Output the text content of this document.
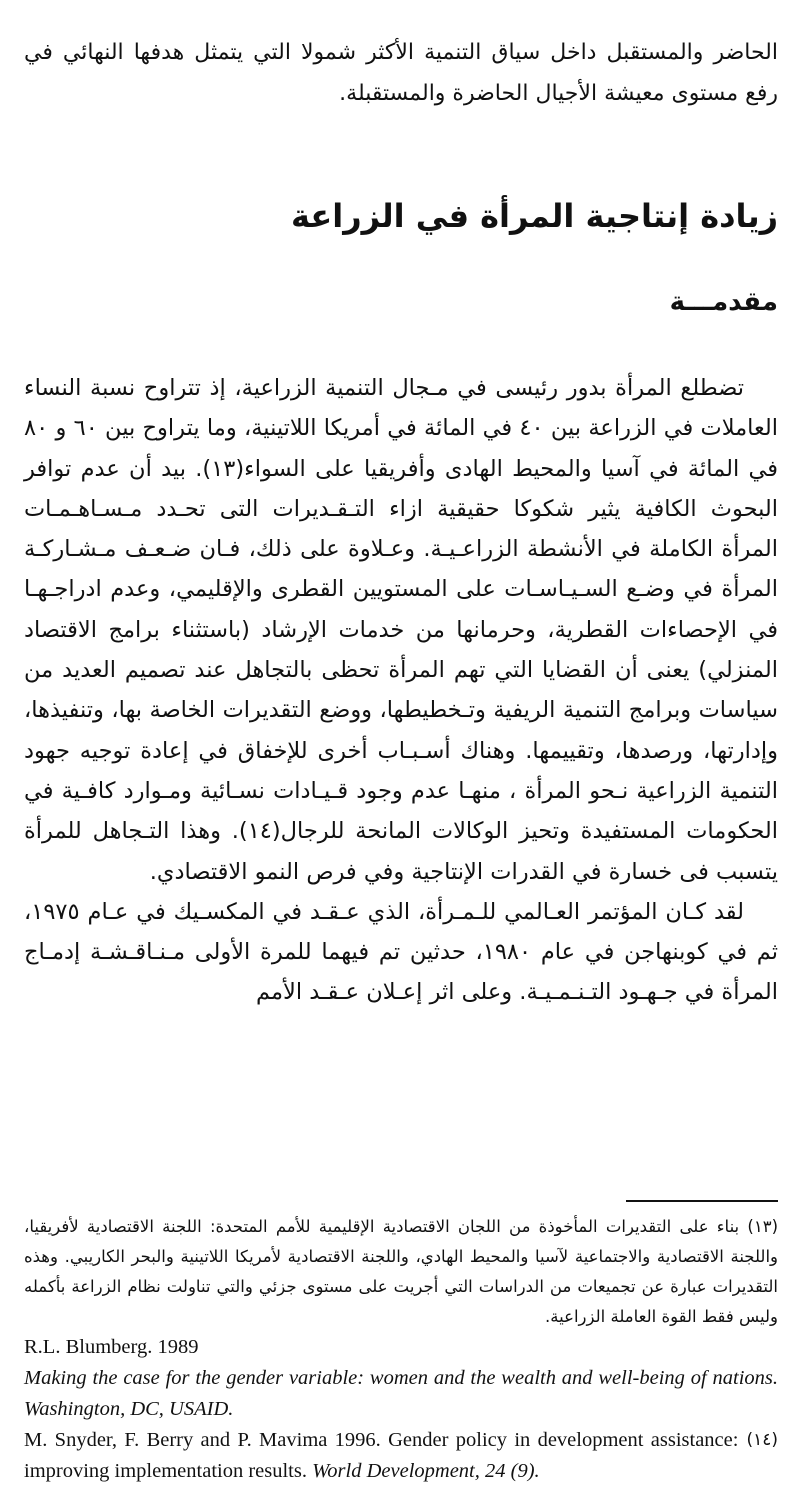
الحاضر والمستقبل داخل سياق التنمية الأكثر شمولا التي يتمثل هدفها النهائي في رفع مستوى معيشة الأجيال الحاضرة والمستقبلة.

زيادة إنتاجية المرأة في الزراعة
مقدمـــة

تضطلع المرأة بدور رئيسى في مـجال التنمية الزراعية، إذ تتراوح نسبة النساء العاملات في الزراعة بين ٤٠ في المائة في أمريكا اللاتينية، وما يتراوح بين ٦٠ و ٨٠ في المائة في آسيا والمحيط الهادى وأفريقيا على السواء(١٣). بيد أن عدم توافر البحوث الكافية يثير شكوكا حقيقية ازاء التـقـديرات التى تحـدد مـسـاهـمـات المرأة الكاملة في الأنشطة الزراعـيـة. وعـلاوة على ذلك، فـان ضـعـف مـشـاركـة المرأة في وضـع السـيـاسـات على المستويين القطرى والإقليمي، وعدم ادراجـهـا في الإحصاءات القطرية، وحرمانها من خدمات الإرشاد (باستثناء برامج الاقتصاد المنزلي) يعنى أن القضايا التي تهم المرأة تحظى بالتجاهل عند تصميم العديد من سياسات وبرامج التنمية الريفية وتـخطيطها، ووضع التقديرات الخاصة بها، وتنفيذها، وإدارتها، ورصدها، وتقييمها. وهناك أسـبـاب أخرى للإخفاق في إعادة توجيه جهود التنمية الزراعية نـحو المرأة ، منهـا عدم وجود قـيـادات نسـائية ومـوارد كافـية في الحكومات المستفيدة وتحيز الوكالات المانحة للرجال(١٤). وهذا التـجاهل للمرأة يتسبب فى خسارة في القدرات الإنتاجية وفي فرص النمو الاقتصادي.

لقد كـان المؤتمر العـالمي للـمـرأة، الذي عـقـد في المكسـيك في عـام ١٩٧٥، ثم في كوبنهاجن في عام ١٩٨٠، حدثين تم فيهما للمرة الأولى مـنـاقـشـة إدمـاج المرأة في جـهـود التـنـمـيـة. وعلى اثر إعـلان عـقـد الأمم

(١٣) بناء على التقديرات المأخوذة من اللجان الاقتصادية الإقليمية للأمم المتحدة: اللجنة الاقتصادية لأفريقيا، واللجنة الاقتصادية والاجتماعية لآسيا والمحيط الهادي، واللجنة الاقتصادية لأمريكا اللاتينية والبحر الكاريبي. وهذه التقديرات عبارة عن تجميعات من الدراسات التي أجريت على مستوى جزئي والتي تناولت نظام الزراعة بأكمله وليس فقط القوة العاملة الزراعية.

R.L. Blumberg. 1989
Making the case for the gender variable: women and the wealth and well-being of nations. Washington, DC, USAID.

(١٤)
M. Snyder, F. Berry and P. Mavima 1996. Gender policy in development assistance: improving implementation results. World Development, 24 (9).
